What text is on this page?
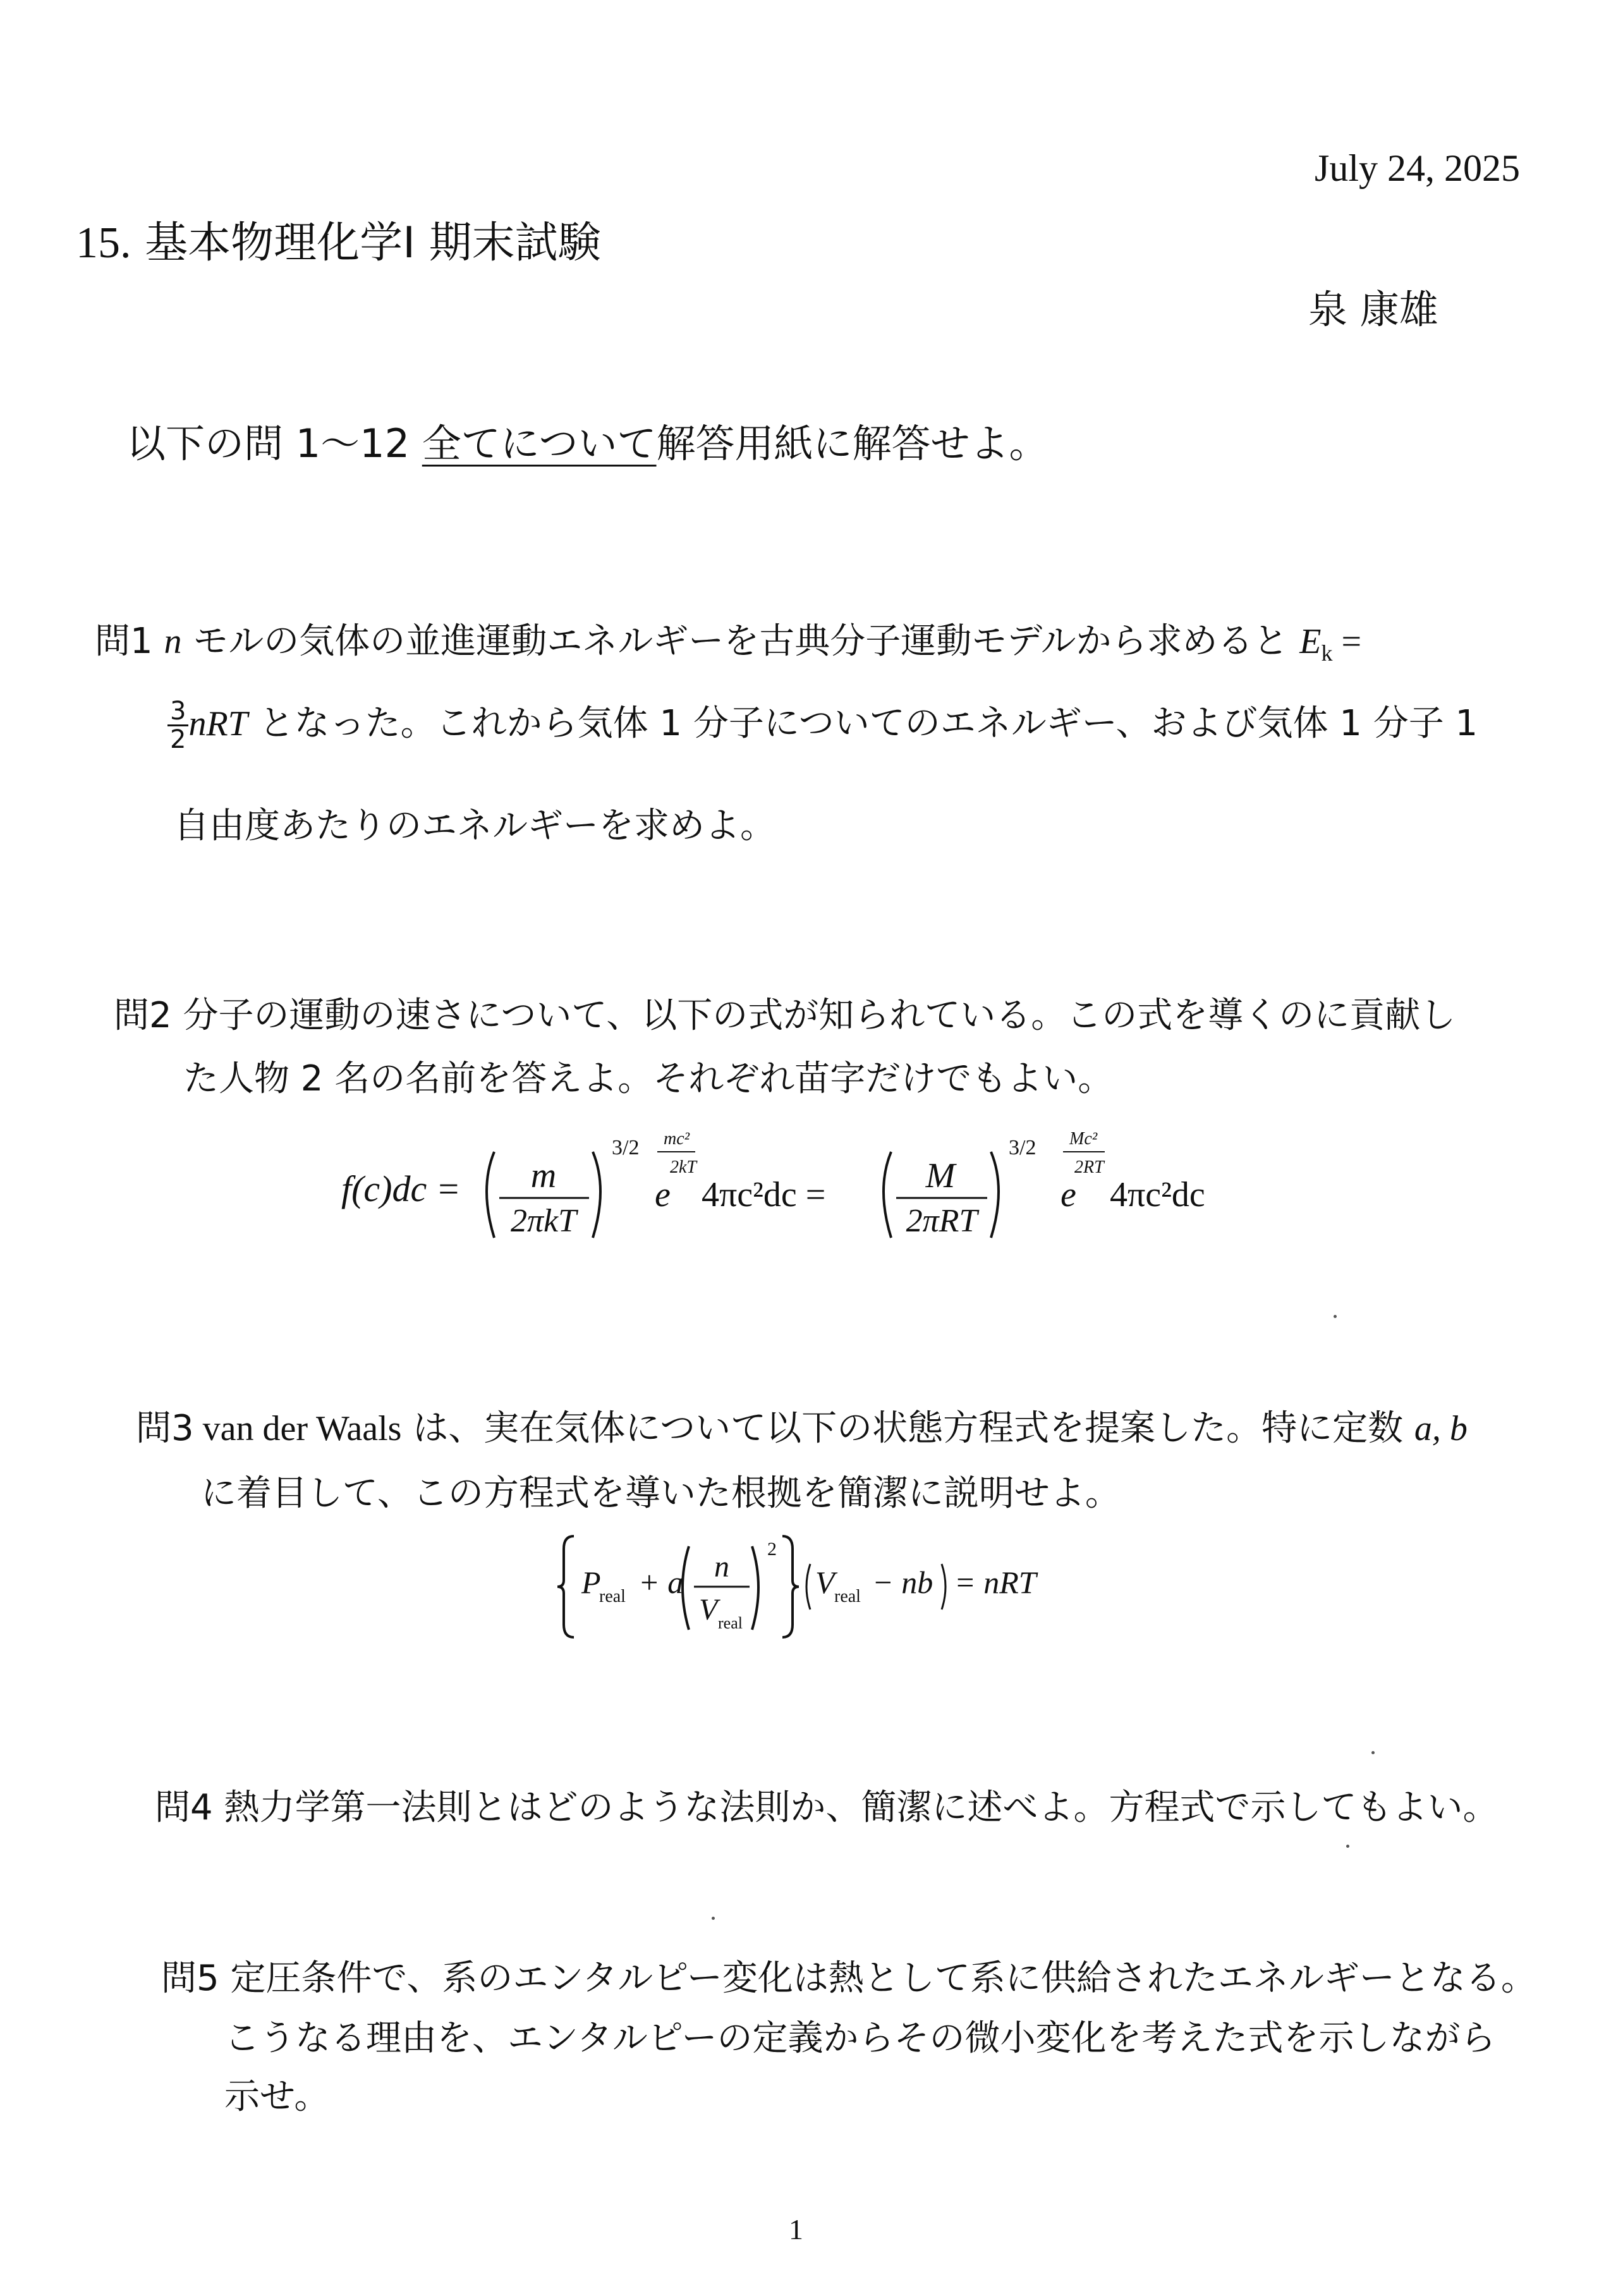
July 24, 2025
15. 基本物理化学Ⅰ 期末試験
泉 康雄
以下の問 1～12 全てについて解答用紙に解答せよ。
問1 n モルの気体の並進運動エネルギーを古典分子運動モデルから求めると $E_k$ =
$\frac{3}{2}$ nRT となった。これから気体 1 分子についてのエネルギー、および気体 1 分子 1
自由度あたりのエネルギーを求めよ。
問2 分子の運動の速さについて、以下の式が知られている。この式を導くのに貢献し
た人物 2 名の名前を答えよ。それぞれ苗字だけでもよい。
f(c)dc = m
2πkT
3/2
e
mc²
2kT
4πc²dc =	M
2πRT
3/2
e
Mc²
2RT
4πc²dc
問3 van der Waals は、実在気体について以下の状態方程式を提案した。特に定数 a, b
に着目して、この方程式を導いた根拠を簡潔に説明せよ。
P
real + a n
V real
2
V real − nb = nRT
問4 熱力学第一法則とはどのような法則か、簡潔に述べよ。方程式で示してもよい。
問5 定圧条件で、系のエンタルピー変化は熱として系に供給されたエネルギーとなる。
こうなる理由を、エンタルピーの定義からその微小変化を考えた式を示しながら
示せ。
1
